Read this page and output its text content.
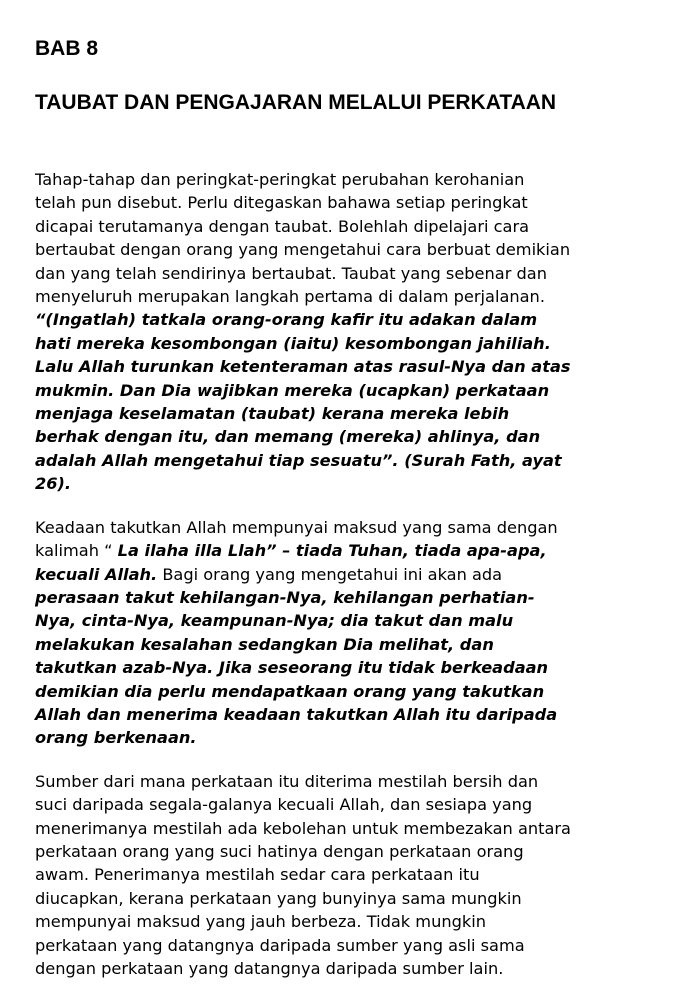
BAB 8
TAUBAT DAN PENGAJARAN MELALUI PERKATAAN

Tahap-tahap dan peringkat-peringkat perubahan kerohanian
telah pun disebut. Perlu ditegaskan bahawa setiap peringkat
dicapai terutamanya dengan taubat. Bolehlah dipelajari cara
bertaubat dengan orang yang mengetahui cara berbuat demikian
dan yang telah sendirinya bertaubat. Taubat yang sebenar dan
menyeluruh merupakan langkah pertama di dalam perjalanan.
“(Ingatlah) tatkala orang-orang kafir itu adakan dalam
hati mereka kesombongan (iaitu) kesombongan jahiliah.
Lalu Allah turunkan ketenteraman atas rasul-Nya dan atas
mukmin. Dan Dia wajibkan mereka (ucapkan) perkataan
menjaga keselamatan (taubat) kerana mereka lebih
berhak dengan itu, dan memang (mereka) ahlinya, dan
adalah Allah mengetahui tiap sesuatu”. (Surah Fath, ayat
26).

Keadaan takutkan Allah mempunyai maksud yang sama dengan
kalimah “ La ilaha illa Llah” – tiada Tuhan, tiada apa-apa,
kecuali Allah. Bagi orang yang mengetahui ini akan ada
perasaan takut kehilangan-Nya, kehilangan perhatian-
Nya, cinta-Nya, keampunan-Nya; dia takut dan malu
melakukan kesalahan sedangkan Dia melihat, dan
takutkan azab-Nya. Jika seseorang itu tidak berkeadaan
demikian dia perlu mendapatkaan orang yang takutkan
Allah dan menerima keadaan takutkan Allah itu daripada
orang berkenaan.

Sumber dari mana perkataan itu diterima mestilah bersih dan
suci daripada segala-galanya kecuali Allah, dan sesiapa yang
menerimanya mestilah ada kebolehan untuk membezakan antara
perkataan orang yang suci hatinya dengan perkataan orang
awam. Penerimanya mestilah sedar cara perkataan itu
diucapkan, kerana perkataan yang bunyinya sama mungkin
mempunyai maksud yang jauh berbeza. Tidak mungkin
perkataan yang datangnya daripada sumber yang asli sama
dengan perkataan yang datangnya daripada sumber lain.
